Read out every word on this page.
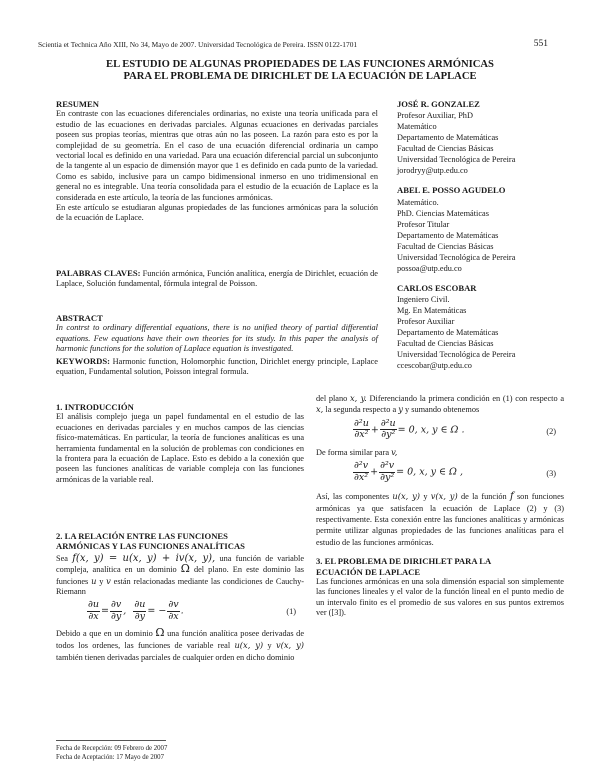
Scientia et Technica Año XIII, No 34, Mayo de 2007. Universidad Tecnológica de Pereira. ISSN 0122-1701	551
EL ESTUDIO DE ALGUNAS PROPIEDADES DE LAS FUNCIONES ARMÓNICAS
PARA EL PROBLEMA DE DIRICHLET DE LA ECUACIÓN DE LAPLACE
RESUMEN
En contraste con las ecuaciones diferenciales ordinarias, no existe una teoría unificada para el estudio de las ecuaciones en derivadas parciales. Algunas ecuaciones en derivadas parciales poseen sus propias teorías, mientras que otras aún no las poseen. La razón para esto es por la complejidad de su geometría. En el caso de una ecuación diferencial ordinaria un campo vectorial local es definido en una variedad. Para una ecuación diferencial parcial un subconjunto de la tangente al un espacio de dimensión mayor que 1 es definido en cada punto de la variedad. Como es sabido, inclusive para un campo bidimensional inmerso en uno tridimensional en general no es integrable. Una teoría consolidada para el estudio de la ecuación de Laplace es la considerada en este artículo, la teoría de las funciones armónicas.
En este artículo se estudiaran algunas propiedades de las funciones armónicas para la solución de la ecuación de Laplace.
PALABRAS CLAVES: Función armónica, Función analítica, energía de Dirichlet, ecuación de Laplace, Solución fundamental, fórmula integral de Poisson.
ABSTRACT
In contrst to ordinary differential equations, there is no unified theory of partial differential equations. Few equations have their own theories for its study. In this paper the analysis of harmonic functions for the solution of Laplace equation is investigated.
KEYWORDS: Harmonic function, Holomorphic function, Dirichlet energy principle, Laplace equation, Fundamental solution, Poisson integral formula.
JOSÉ R. GONZALEZ
Profesor Auxiliar, PhD
Matemático
Departamento de Matemáticas
Facultad de Ciencias Básicas
Universidad Tecnológica de Pereira
jorodryy@utp.edu.co
ABEL E. POSSO AGUDELO
Matemático.
PhD. Ciencias Matemáticas
Profesor Titular
Departamento de Matemáticas
Facultad de Ciencias Básicas
Universidad Tecnológica de Pereira
possoa@utp.edu.co
CARLOS ESCOBAR
Ingeniero Civil.
Mg. En Matemáticas
Profesor Auxiliar
Departamento de Matemáticas
Facultad de Ciencias Básicas
Universidad Tecnológica de Pereira
ccescobar@utp.edu.co
1. INTRODUCCIÓN
El análisis complejo juega un papel fundamental en el estudio de las ecuaciones en derivadas parciales y en muchos campos de las ciencias físico-matemáticas. En particular, la teoría de funciones analíticas es una herramienta fundamental en la solución de problemas con condiciones en la frontera para la ecuación de Laplace. Esto es debido a la conexión que poseen las funciones analíticas de variable compleja con las funciones armónicas de la variable real.
2. LA RELACIÓN ENTRE LAS FUNCIONES
ARMÓNICAS Y LAS FUNCIONES ANALÍTICAS
Sea f(x, y) = u(x, y) + iv(x, y), una función de variable compleja, analítica en un dominio Ω del plano. En este dominio las funciones u y v están relacionadas mediante las condiciones de Cauchy-Riemann
$\frac{\partial u}{\partial x} = \frac{\partial v}{\partial y}$ , $\frac{\partial u}{\partial y}$ = − $\frac{\partial v}{\partial x}$ .	(1)
Debido a que en un dominio Ω una función analítica posee derivadas de todos los ordenes, las funciones de variable real u(x, y) y v(x, y) también tienen derivadas parciales de cualquier orden en dicho dominio
del plano x, y. Diferenciando la primera condición en (1) con respecto a x, la segunda respecto a y y sumando obtenemos
$\frac{\text{∂²u}}{\text{∂x²}} + \frac{\text{∂²u}}{\text{∂y²}} = 0$, x, y ∈ Ω .	(2)
De forma similar para v,
$\frac{\text{∂²v}}{\text{∂x²}} + \frac{\text{∂²v}}{\text{∂y²}} = 0$, x, y ∈ Ω ,	(3)
Así, las componentes u(x, y) y v(x, y) de la función f son funciones armónicas ya que satisfacen la ecuación de Laplace (2) y (3) respectivamente. Esta conexión entre las funciones analíticas y armónicas permite utilizar algunas propiedades de las funciones analíticas para el estudio de las funciones armónicas.
3. EL PROBLEMA DE DIRICHLET PARA LA
ECUACIÓN DE LAPLACE
Las funciones armónicas en una sola dimensión espacial son simplemente las funciones lineales y el valor de la función lineal en el punto medio de un intervalo finito es el promedio de sus valores en sus puntos extremos ver ([3]).
Fecha de Recepción: 09 Febrero de 2007
Fecha de Aceptación: 17 Mayo de 2007
